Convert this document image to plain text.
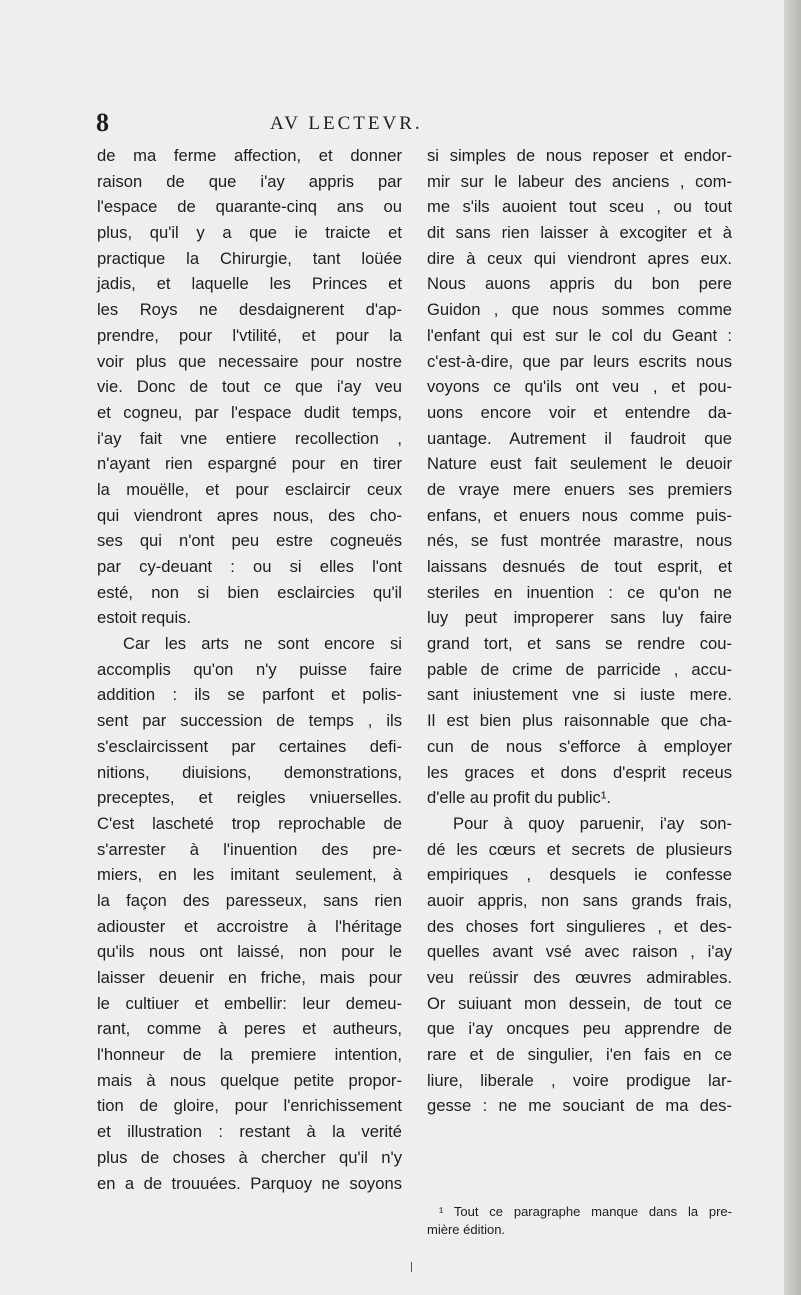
8	AV LECTEVR.
de ma ferme affection, et donner
raison de que i'ay appris par
l'espace de quarante-cinq ans ou
plus, qu'il y a que ie traicte et
practique la Chirurgie, tant loüée
jadis, et laquelle les Princes et
les Roys ne desdaignerent d'ap-
prendre, pour l'vtilité, et pour la
voir plus que necessaire pour nostre
vie. Donc de tout ce que i'ay veu
et cogneu, par l'espace dudit temps,
i'ay fait vne entiere recollection ,
n'ayant rien espargné pour en tirer
la mouëlle, et pour esclaircir ceux
qui viendront apres nous, des cho-
ses qui n'ont peu estre cogneuës
par cy-deuant : ou si elles l'ont
esté, non si bien esclaircies qu'il
estoit requis.
Car les arts ne sont encore si
accomplis qu'on n'y puisse faire
addition : ils se parfont et polis-
sent par succession de temps , ils
s'esclaircissent par certaines defi-
nitions, diuisions, demonstrations,
preceptes, et reigles vniuerselles.
C'est lascheté trop reprochable de
s'arrester à l'inuention des pre-
miers, en les imitant seulement, à
la façon des paresseux, sans rien
adiouster et accroistre à l'héritage
qu'ils nous ont laissé, non pour le
laisser deuenir en friche, mais pour
le cultiuer et embellir: leur demeu-
rant, comme à peres et autheurs,
l'honneur de la premiere intention,
mais à nous quelque petite propor-
tion de gloire, pour l'enrichissement
et illustration : restant à la verité
plus de choses à chercher qu'il n'y
en a de trouuées. Parquoy ne soyons
si simples de nous reposer et endor-
mir sur le labeur des anciens , com-
me s'ils auoient tout sceu , ou tout
dit sans rien laisser à excogiter et à
dire à ceux qui viendront apres eux.
Nous auons appris du bon pere
Guidon , que nous sommes comme
l'enfant qui est sur le col du Geant :
c'est-à-dire, que par leurs escrits nous
voyons ce qu'ils ont veu , et pou-
uons encore voir et entendre da-
uantage. Autrement il faudroit que
Nature eust fait seulement le deuoir
de vraye mere enuers ses premiers
enfans, et enuers nous comme puis-
nés, se fust montrée marastre, nous
laissans desnués de tout esprit, et
steriles en inuention : ce qu'on ne
luy peut improperer sans luy faire
grand tort, et sans se rendre cou-
pable de crime de parricide , accu-
sant iniustement vne si iuste mere.
Il est bien plus raisonnable que cha-
cun de nous s'efforce à employer
les graces et dons d'esprit receus
d'elle au profit du public¹.
Pour à quoy paruenir, i'ay son-
dé les cœurs et secrets de plusieurs
empiriques , desquels ie confesse
auoir appris, non sans grands frais,
des choses fort singulieres , et des-
quelles avant vsé avec raison , i'ay
veu reüssir des œuvres admirables.
Or suiuant mon dessein, de tout ce
que i'ay oncques peu apprendre de
rare et de singulier, i'en fais en ce
liure, liberale , voire prodigue lar-
gesse : ne me souciant de ma des-
¹ Tout ce paragraphe manque dans la pre-
mière édition.
